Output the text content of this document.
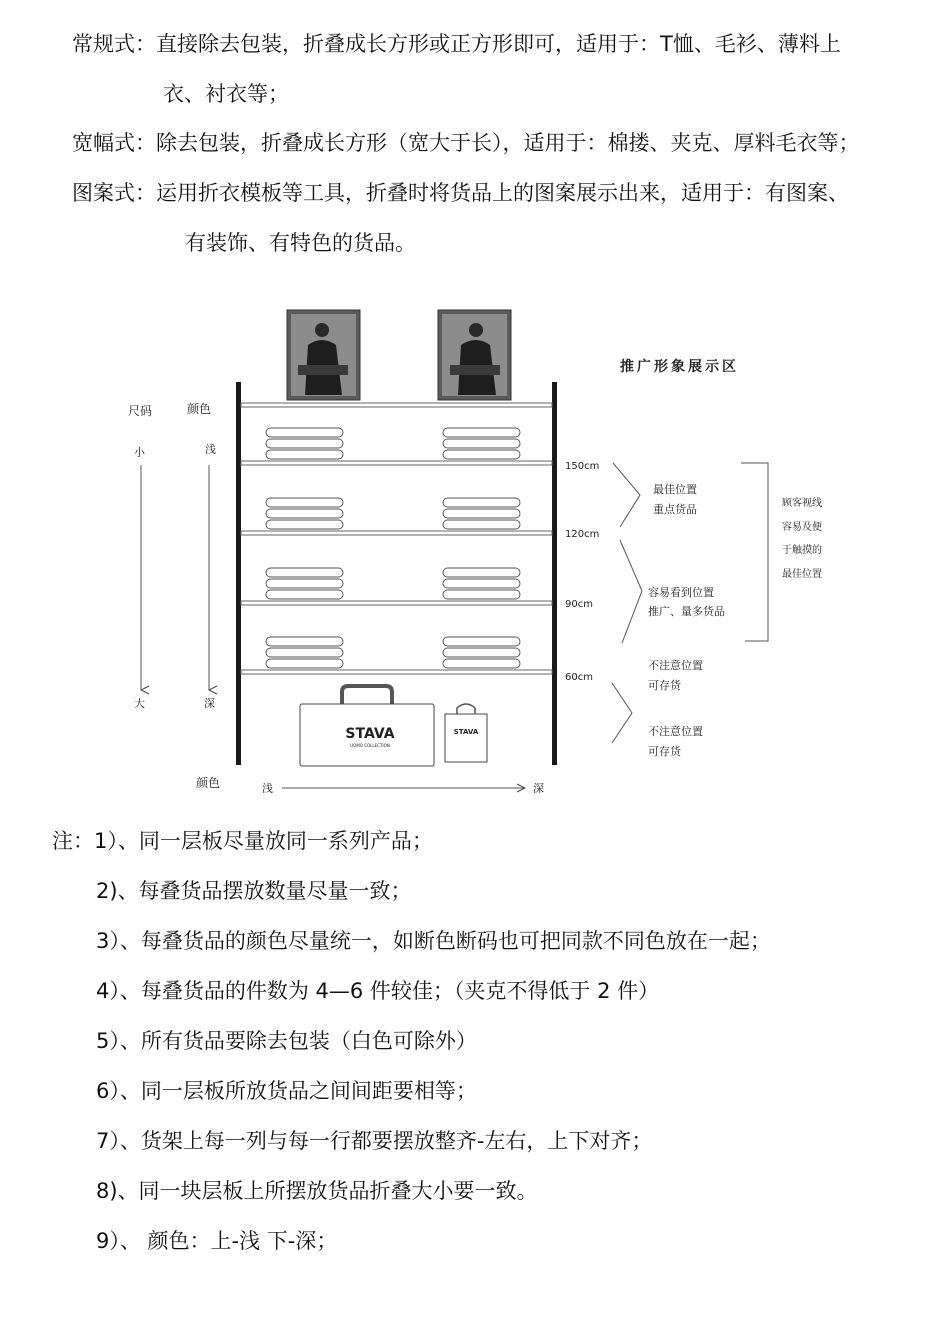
常规式：直接除去包装，折叠成长方形或正方形即可，适用于：T恤、毛衫、薄料上
衣、衬衣等；
宽幅式：除去包装，折叠成长方形（宽大于长），适用于：棉搂、夹克、厚料毛衣等；
图案式：运用折衣模板等工具，折叠时将货品上的图案展示出来，适用于：有图案、
有装饰、有特色的货品。
STAVA
UOMO COLLECTION
STAVA
尺码	颜色
小	浅
大	深
颜色	浅	深
推广形象展示区
150cm
120cm
90cm
60cm
最佳位置
重点货品
容易看到位置
推广、量多货品
不注意位置
可存货
不注意位置
可存货
顾客视线
容易及便
于触摸的
最佳位置
注：1）、同一层板尽量放同一系列产品；
2)、每叠货品摆放数量尽量一致；
3）、每叠货品的颜色尽量统一，如断色断码也可把同款不同色放在一起；
4）、每叠货品的件数为 4—6 件较佳；（夹克不得低于 2 件）
5）、所有货品要除去包装（白色可除外）
6）、同一层板所放货品之间间距要相等；
7）、货架上每一列与每一行都要摆放整齐-左右，上下对齐；
8)、同一块层板上所摆放货品折叠大小要一致。
9）、 颜色：上-浅 下-深；
